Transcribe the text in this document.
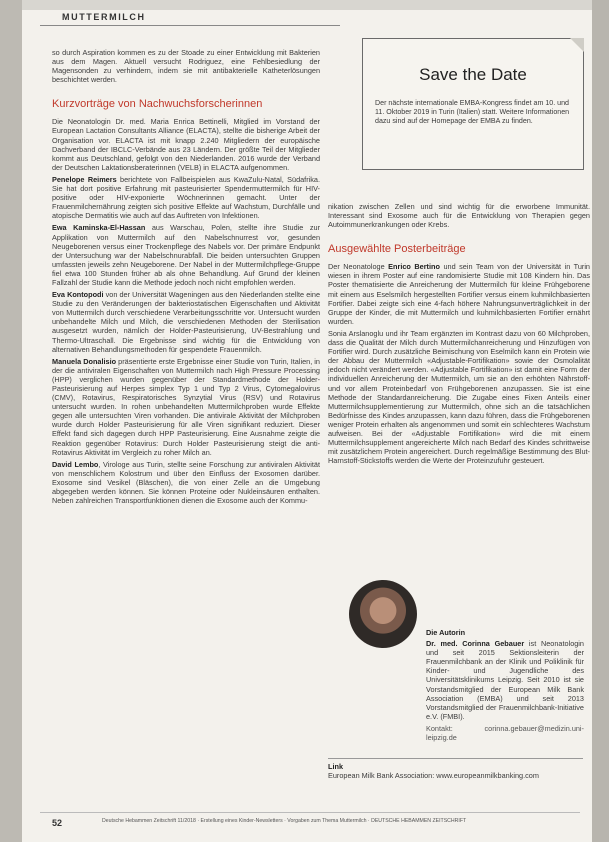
MUTTERMILCH

so durch Aspiration kommen es zu der Stoade zu einer Entwicklung mit Bakterien aus dem Magen. Aktuell versucht Rodriguez, eine Fehlbesiedlung der Magensonden zu verhindern, indem sie mit antibakterielle Katheterlösungen beschichtet werden.

Kurzvorträge von Nachwuchsforscherinnen

Die Neonatologin Dr. med. Maria Enrica Bettinelli, Mitglied im Vorstand der European Lactation Consultants Alliance (ELACTA), stellte die bisherige Arbeit der Organisation vor. ELACTA ist mit knapp 2.240 Mitgliedern der europäische Dachverband der IBCLC-Verbände aus 23 Ländern. Der größte Teil der Mitglieder kommt aus Deutschland, gefolgt von den Niederlanden. 2016 wurde der Verband der Deutschen Laktationsberaterinnen (VELB) in ELACTA aufgenommen.

Penelope Reimers berichtete von Fallbeispielen aus KwaZulu-Natal, Südafrika. Sie hat dort positive Erfahrung mit pasteurisierter Spendermuttermilch für HIV-positive oder HIV-exponierte Wöchnerinnen gemacht. Unter der Frauenmilchernährung zeigten sich positive Effekte auf Wachstum, Durchfälle und atopische Dermatitis wie auch auf das Auftreten von Infektionen.

Ewa Kaminska-El-Hassan aus Warschau, Polen, stellte ihre Studie zur Applikation von Muttermilch auf den Nabelschnurrest vor, gesunden Neugeborenen versus einer Trockenpflege des Nabels vor. Der primäre Endpunkt der Untersuchung war der Nabelschnurabfall. Die beiden untersuchten Gruppen umfassten jeweils zehn Neugeborene. Der Nabel in der Muttermilchpflege-Gruppe fiel etwa 100 Stunden früher ab als ohne Behandlung. Auf Grund der kleinen Fallzahl der Studie kann die Methode jedoch noch nicht empfohlen werden.

Eva Kontopodi von der Universität Wageningen aus den Niederlanden stellte eine Studie zu den Veränderungen der bakteriostatischen Eigenschaften und Aktivität von Muttermilch durch verschiedene Verarbeitungsschritte vor. Untersucht wurden unbehandelte Milch und Milch, die verschiedenen Methoden der Sterilisation ausgesetzt wurden, nämlich der Holder-Pasteurisierung, UV-Bestrahlung und Thermo-Ultraschall. Die Ergebnisse sind wichtig für die Entwicklung von alternativen Behandlungsmethoden für gespendete Frauenmilch.

Manuela Donalisio präsentierte erste Ergebnisse einer Studie von Turin, Italien, in der die antiviralen Eigenschaften von Muttermilch nach High Pressure Processing (HPP) verglichen wurden gegenüber der Standardmethode der Holder-Pasteurisierung auf Herpes simplex Typ 1 und Typ 2 Virus, Cytomegalovirus (CMV), Rotavirus, Respiratorisches Synzytial Virus (RSV) und Rotavirus untersucht wurden. In rohen unbehandelten Muttermilchproben wurde Effekte gegen alle untersuchten Viren vorhanden. Die antivirale Aktivität der Milchproben wurde durch Holder Pasteurisierung für alle Viren signifikant reduziert. Dieser Effekt fand sich dagegen durch HPP Pasteurisierung. Eine Ausnahme zeigte die Reaktion gegenüber Rotavirus: Durch Holder Pasteurisierung steigt die anti-Rotavirus Aktivität im Vergleich zu roher Milch an.

David Lembo, Virologe aus Turin, stellte seine Forschung zur antiviralen Aktivität von menschlichem Kolostrum und über den Einfluss der Exosomen darüber. Exosome sind Vesikel (Bläschen), die von einer Zelle an die Umgebung abgegeben werden können. Sie können Proteine oder Nukleinsäuren enthalten. Neben zahlreichen Transportfunktionen dienen die Exosome auch der Kommu-

Save the Date

Der nächste internationale EMBA-Kongress findet am 10. und 11. Oktober 2019 in Turin (Italien) statt. Weitere Informationen dazu sind auf der Homepage der EMBA zu finden.

nikation zwischen Zellen und sind wichtig für die erworbene Immunität. Interessant sind Exosome auch für die Entwicklung von Therapien gegen Autoimmunerkrankungen oder Krebs.

Ausgewählte Posterbeiträge

Der Neonatologe Enrico Bertino und sein Team von der Universität in Turin wiesen in ihrem Poster auf eine randomisierte Studie mit 108 Kindern hin. Das Poster thematisierte die Anreicherung der Muttermilch für kleine Frühgeborene mit einem aus Eselsmilch hergestellten Fortifier versus einem kuhmilchbasierten Fortifier. Dabei zeigte sich eine 4-fach höhere Nahrungsunverträglichkeit in der Gruppe der Kinder, die mit Muttermilch und kuhmilchbasierten Fortifier ernährt wurden.

Sonia Arslanoglu und ihr Team ergänzten im Kontrast dazu von 60 Milchproben, dass die Qualität der Milch durch Muttermilchanreicherung und Hinzufügen von Fortifier wird. Durch zusätzliche Beimischung von Eselmilch kann ein Protein wie der Abbau der Muttermilch «Adjustable-Fortifikation» sowie der Osmolalität jedoch nicht verändert werden. «Adjustable Fortifikation» ist damit eine Form der individuellen Anreicherung der Muttermilch, um sie an den erhöhten Nährstoff- und vor allem Proteinbedarf von Frühgeborenen anzupassen. Sie ist eine Methode der Standardanreicherung. Die Zugabe eines Fixen Anteils einer Muttermilchsupplementierung zur Muttermilch, ohne sich an die tatsächlichen Bedürfnisse des Kindes anzupassen, kann dazu führen, dass die Frühgeborenen weniger Protein erhalten als angenommen und somit ein schlechteres Wachstum aufweisen. Bei der «Adjustable Fortifikation» wird die mit einem Muttermilchsupplement angereicherte Milch nach Bedarf des Kindes schrittweise mit zusätzlichem Protein angereichert. Durch regelmäßige Bestimmung des Blut-Harnstoff-Stickstoffs werden die Werte der Proteinzufuhr gesteuert.

Die Autorin

Dr. med. Corinna Gebauer ist Neonatologin und seit 2015 Sektionsleiterin der Frauenmilchbank an der Klinik und Poliklinik für Kinder- und Jugendliche des Universitätsklinikums Leipzig. Seit 2010 ist sie Vorstandsmitglied der European Milk Bank Association (EMBA) und seit 2013 Vorstandsmitglied der Frauenmilchbank-Initiative e.V. (FMBI).

Kontakt: corinna.gebauer@medizin.uni-leipzig.de

Link

European Milk Bank Association: www.europeanmilkbanking.com

52	Deutsche Hebammen Zeitschrift 11/2018 · Erstellung eines Kinder-Newsletters · Vorgaben zum Thema Muttermilch · DEUTSCHE HEBAMMEN ZEITSCHRIFT
